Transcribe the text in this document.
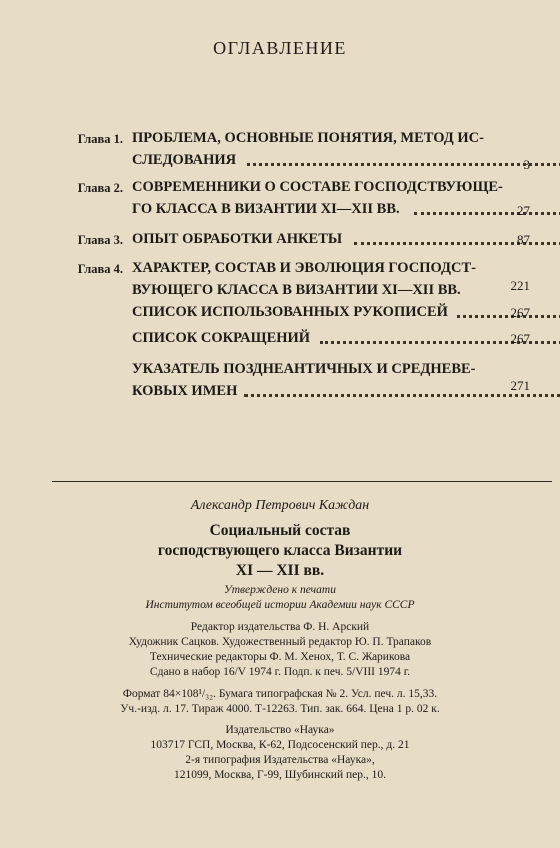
ОГЛАВЛЕНИЕ
Глава 1. ПРОБЛЕМА, ОСНОВНЫЕ ПОНЯТИЯ, МЕТОД ИС-
СЛЕДОВАНИЯ	3
Глава 2. СОВРЕМЕННИКИ О СОСТАВЕ ГОСПОДСТВУЮЩЕ-
ГО КЛАССА В ВИЗАНТИИ XI—XII ВВ.	27
Глава 3. ОПЫТ ОБРАБОТКИ АНКЕТЫ	87
Глава 4. ХАРАКТЕР, СОСТАВ И ЭВОЛЮЦИЯ ГОСПОДСТ-
ВУЮЩЕГО КЛАССА В ВИЗАНТИИ XI—XII ВВ.	221
СПИСОК ИСПОЛЬЗОВАННЫХ РУКОПИСЕЙ	267
СПИСОК СОКРАЩЕНИЙ	267
УКАЗАТЕЛЬ ПОЗДНЕАНТИЧНЫХ И СРЕДНЕВЕ-
КОВЫХ ИМЕН	271
Александр Петрович Каждан
Социальный состав
господствующего класса Византии
XI — XII вв.
Утверждено к печати
Институтом всеобщей истории Академии наук СССР
Редактор издательства Ф. Н. Арский
Художник Сацков. Художественный редактор Ю. П. Трапаков
Технические редакторы Ф. М. Хенох, Т. С. Жарикова
Сдано в набор 16/V 1974 г. Подп. к печ. 5/VIII 1974 г.
Формат 84×108¹/₃₂. Бумага типографская № 2. Усл. печ. л. 15,33.
Уч.-изд. л. 17. Тираж 4000. Т-12263. Тип. зак. 664. Цена 1 р. 02 к.
Издательство «Наука»
103717 ГСП, Москва, К-62, Подсосенский пер., д. 21
2-я типография Издательства «Наука»,
121099, Москва, Г-99, Шубинский пер., 10.
